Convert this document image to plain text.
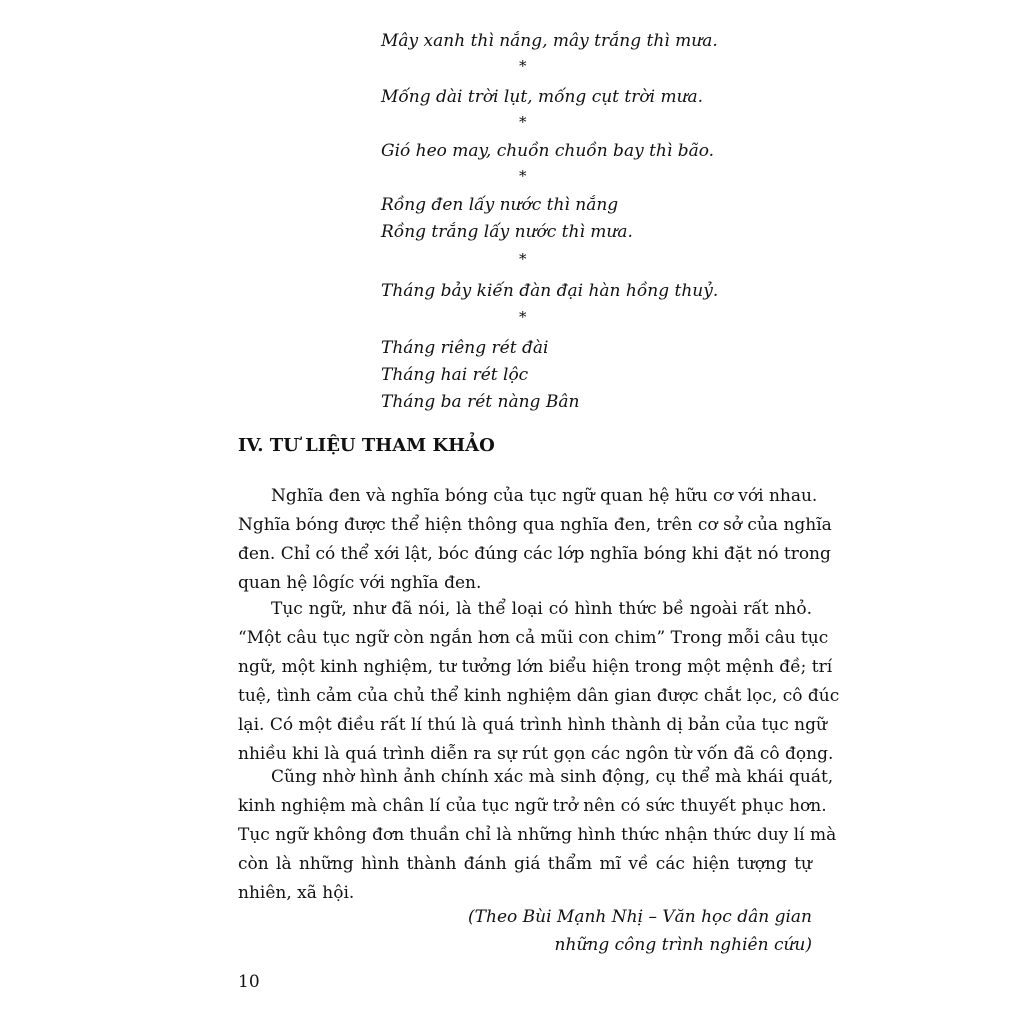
Mây xanh thì nắng, mây trắng thì mưa.
*
Mống dài trời lụt, mống cụt trời mưa.
*
Gió heo may, chuồn chuồn bay thì bão.
*
Rồng đen lấy nước thì nắng
Rồng trắng lấy nước thì mưa.
*
Tháng bảy kiến đàn đại hàn hồng thuỷ.
*
Tháng riêng rét đài
Tháng hai rét lộc
Tháng ba rét nàng Bân
IV. TƯ LIỆU THAM KHẢO
Nghĩa đen và nghĩa bóng của tục ngữ quan hệ hữu cơ với nhau.
Nghĩa bóng được thể hiện thông qua nghĩa đen, trên cơ sở của nghĩa
đen. Chỉ có thể xới lật, bóc đúng các lớp nghĩa bóng khi đặt nó trong
quan hệ lôgíc với nghĩa đen.
Tục ngữ, như đã nói, là thể loại có hình thức bề ngoài rất nhỏ.
“Một câu tục ngữ còn ngắn hơn cả mũi con chim” Trong mỗi câu tục
ngữ, một kinh nghiệm, tư tưởng lớn biểu hiện trong một mệnh đề; trí
tuệ, tình cảm của chủ thể kinh nghiệm dân gian được chắt lọc, cô đúc
lại. Có một điều rất lí thú là quá trình hình thành dị bản của tục ngữ
nhiều khi là quá trình diễn ra sự rút gọn các ngôn từ vốn đã cô đọng.
Cũng nhờ hình ảnh chính xác mà sinh động, cụ thể mà khái quát,
kinh nghiệm mà chân lí của tục ngữ trở nên có sức thuyết phục hơn.
Tục ngữ không đơn thuần chỉ là những hình thức nhận thức duy lí mà
còn là những hình thành đánh giá thẩm mĩ về các hiện tượng tự
nhiên, xã hội.
(Theo Bùi Mạnh Nhị – Văn học dân gian
những công trình nghiên cứu)
10
